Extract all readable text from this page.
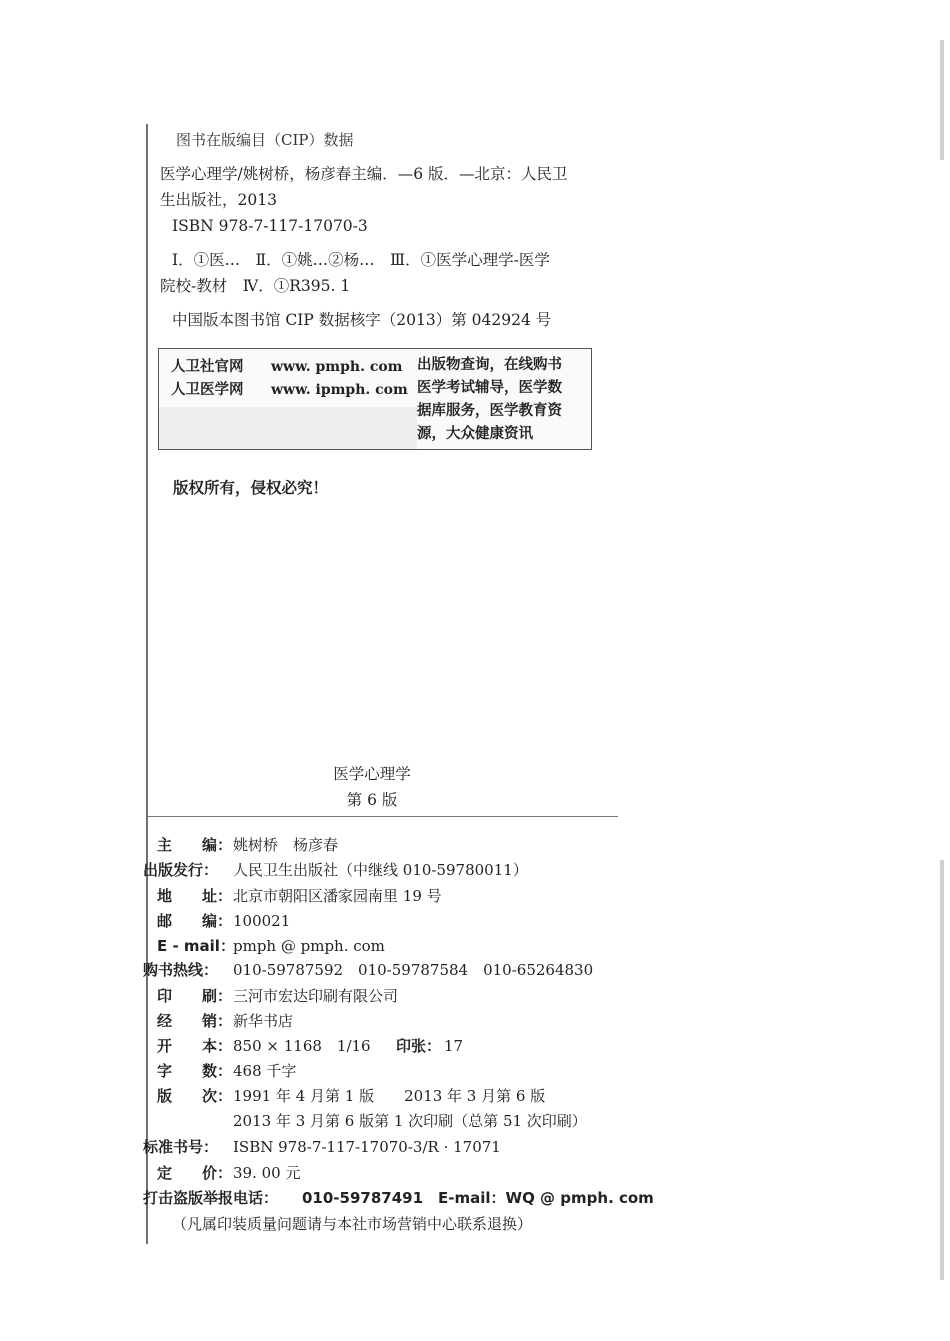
图书在版编目（CIP）数据
医学心理学/姚树桥，杨彦春主编．—6 版．—北京：人民卫
生出版社，2013
ISBN 978-7-117-17070-3
Ⅰ．①医…　Ⅱ．①姚…②杨…　Ⅲ．①医学心理学-医学
院校-教材　Ⅳ．①R395. 1
中国版本图书馆 CIP 数据核字（2013）第 042924 号
人卫社官网 www. pmph. com
人卫医学网 www. ipmph. com
出版物查询，在线购书
医学考试辅导，医学数
据库服务，医学教育资
源，大众健康资讯
版权所有，侵权必究！
医学心理学
第 6 版
主　　编： 姚树桥　杨彦春
出版发行： 人民卫生出版社（中继线 010-59780011）
地　　址： 北京市朝阳区潘家园南里 19 号
邮　　编： 100021
E - mail：
pmph @ pmph. com
购书热线： 010-59787592　010-59787584　010-65264830
印　　刷： 三河市宏达印刷有限公司
经　　销： 新华书店
开　　本： 850 × 1168　1/16 印张： 17
字　　数： 468 千字
版　　次： 1991 年 4 月第 1 版　　2013 年 3 月第 6 版
2013 年 3 月第 6 版第 1 次印刷（总第 51 次印刷）
标准书号： ISBN 978-7-117-17070-3/R · 17071
定　　价： 39. 00 元
打击盗版举报电话： 010-59787491　E-mail：WQ @ pmph. com
（凡属印装质量问题请与本社市场营销中心联系退换）
